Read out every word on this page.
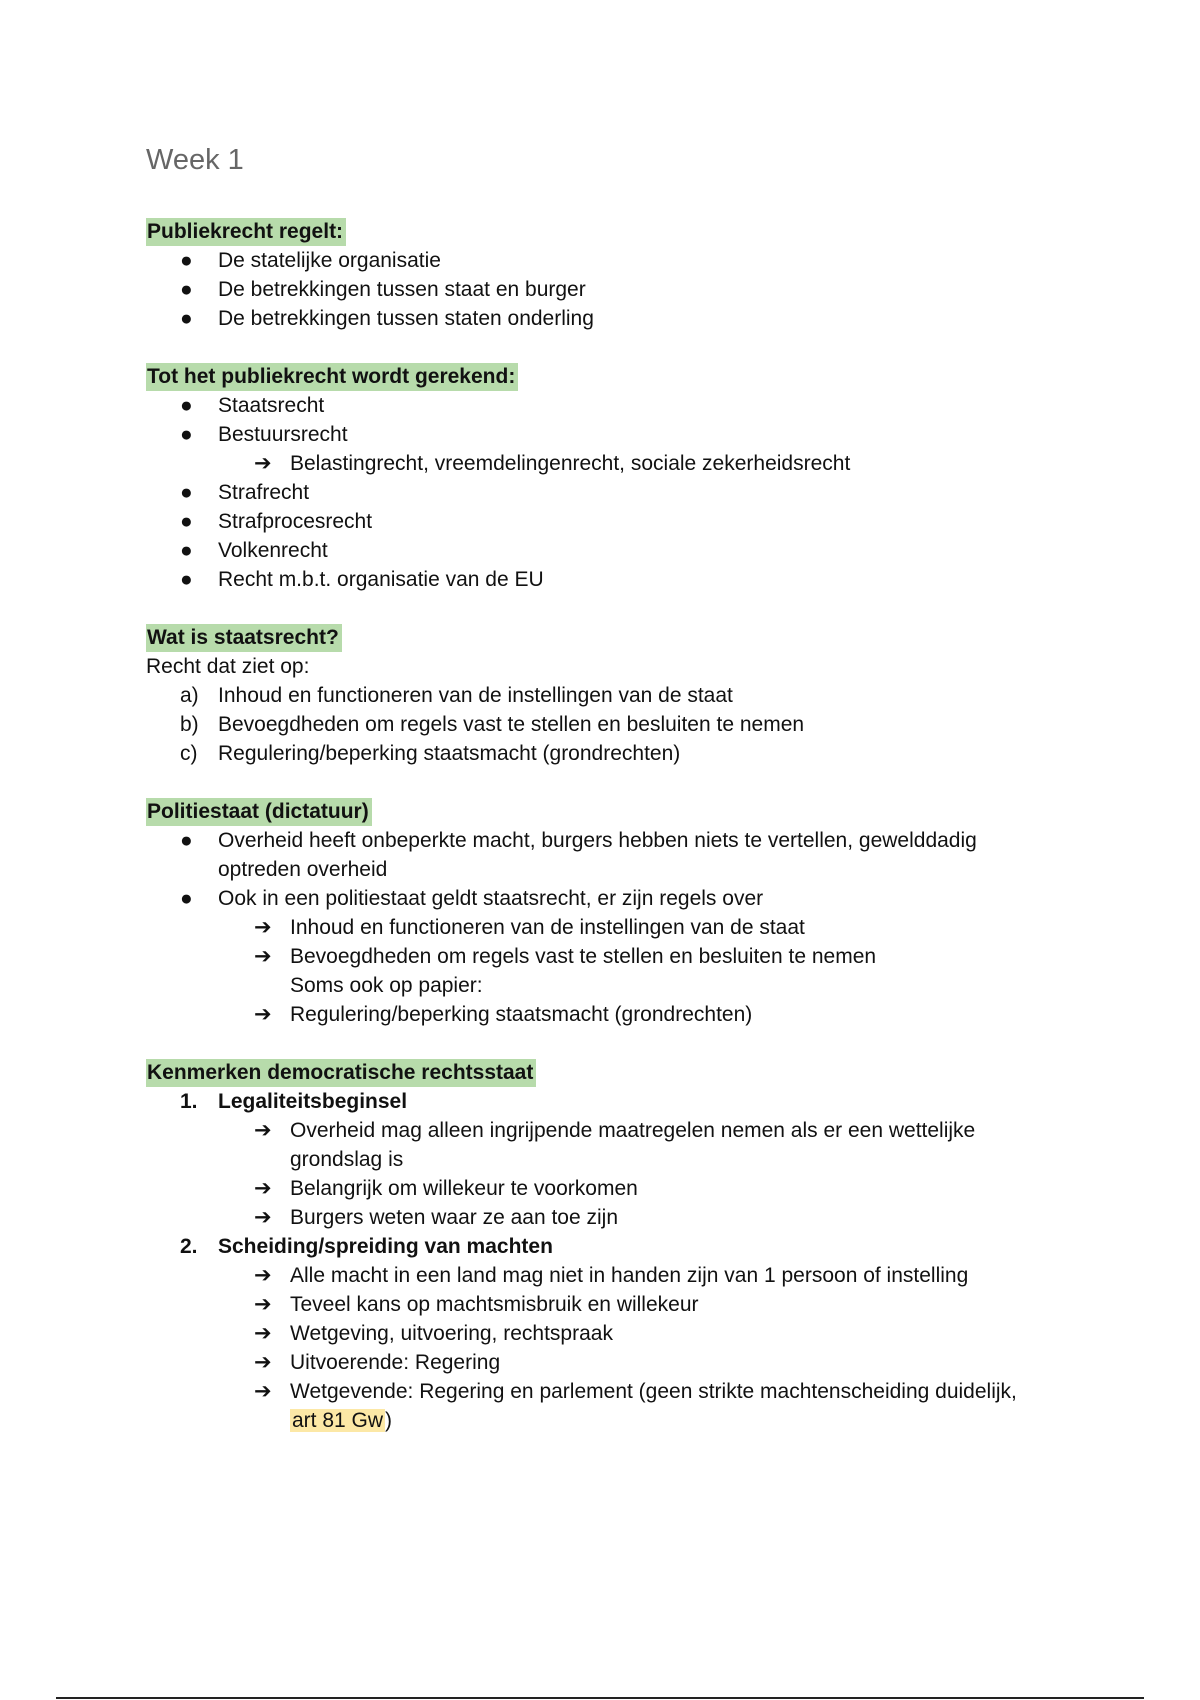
Week 1
Publiekrecht regelt:
● De statelijke organisatie
● De betrekkingen tussen staat en burger
● De betrekkingen tussen staten onderling
Tot het publiekrecht wordt gerekend:
● Staatsrecht
● Bestuursrecht
➔ Belastingrecht, vreemdelingenrecht, sociale zekerheidsrecht
● Strafrecht
● Strafprocesrecht
● Volkenrecht
● Recht m.b.t. organisatie van de EU
Wat is staatsrecht?
Recht dat ziet op:
a) Inhoud en functioneren van de instellingen van de staat
b) Bevoegdheden om regels vast te stellen en besluiten te nemen
c) Regulering/beperking staatsmacht (grondrechten)
Politiestaat (dictatuur)
● Overheid heeft onbeperkte macht, burgers hebben niets te vertellen, gewelddadig
optreden overheid
● Ook in een politiestaat geldt staatsrecht, er zijn regels over
➔ Inhoud en functioneren van de instellingen van de staat
➔ Bevoegdheden om regels vast te stellen en besluiten te nemen
Soms ook op papier:
➔ Regulering/beperking staatsmacht (grondrechten)
Kenmerken democratische rechtsstaat
1. Legaliteitsbeginsel
➔ Overheid mag alleen ingrijpende maatregelen nemen als er een wettelijke
grondslag is
➔ Belangrijk om willekeur te voorkomen
➔ Burgers weten waar ze aan toe zijn
2. Scheiding/spreiding van machten
➔ Alle macht in een land mag niet in handen zijn van 1 persoon of instelling
➔ Teveel kans op machtsmisbruik en willekeur
➔ Wetgeving, uitvoering, rechtspraak
➔ Uitvoerende: Regering
➔ Wetgevende: Regering en parlement (geen strikte machtenscheiding duidelijk,
art 81 Gw)
